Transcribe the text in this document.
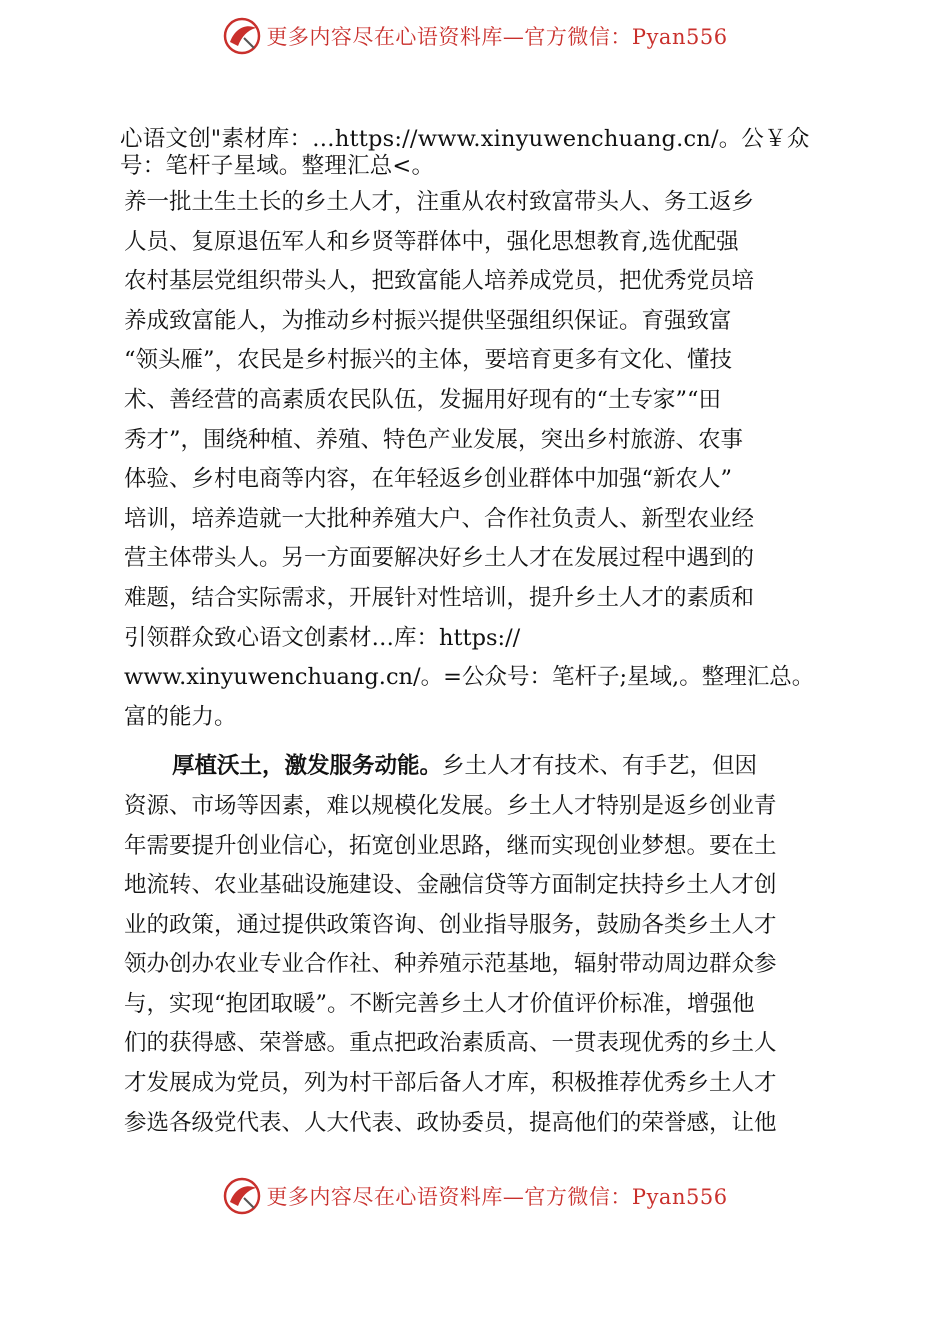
更多内容尽在心语资料库—官方微信：Pyan556
心语文创"素材库：…https://www.xinyuwenchuang.cn/。公￥众
号：笔杆子星域。整理汇总<。
养一批土生土长的乡土人才，注重从农村致富带头人、务工返乡
人员、复原退伍军人和乡贤等群体中，强化思想教育,选优配强
农村基层党组织带头人，把致富能人培养成党员，把优秀党员培
养成致富能人，为推动乡村振兴提供坚强组织保证。育强致富
“领头雁”，农民是乡村振兴的主体，要培育更多有文化、懂技
术、善经营的高素质农民队伍，发掘用好现有的“土专家”“田
秀才”，围绕种植、养殖、特色产业发展，突出乡村旅游、农事
体验、乡村电商等内容，在年轻返乡创业群体中加强“新农人”
培训，培养造就一大批种养殖大户、合作社负责人、新型农业经
营主体带头人。另一方面要解决好乡土人才在发展过程中遇到的
难题，结合实际需求，开展针对性培训，提升乡土人才的素质和
引领群众致心语文创素材…库：https://
www.xinyuwenchuang.cn/。=公众号：笔杆子;星域,。整理汇总。
富的能力。
厚植沃土，激发服务动能。乡土人才有技术、有手艺，但因
资源、市场等因素，难以规模化发展。乡土人才特别是返乡创业青
年需要提升创业信心，拓宽创业思路，继而实现创业梦想。要在土
地流转、农业基础设施建设、金融信贷等方面制定扶持乡土人才创
业的政策，通过提供政策咨询、创业指导服务，鼓励各类乡土人才
领办创办农业专业合作社、种养殖示范基地，辐射带动周边群众参
与，实现“抱团取暖”。不断完善乡土人才价值评价标准，增强他
们的获得感、荣誉感。重点把政治素质高、一贯表现优秀的乡土人
才发展成为党员，列为村干部后备人才库，积极推荐优秀乡土人才
参选各级党代表、人大代表、政协委员，提高他们的荣誉感，让他
更多内容尽在心语资料库—官方微信：Pyan556
